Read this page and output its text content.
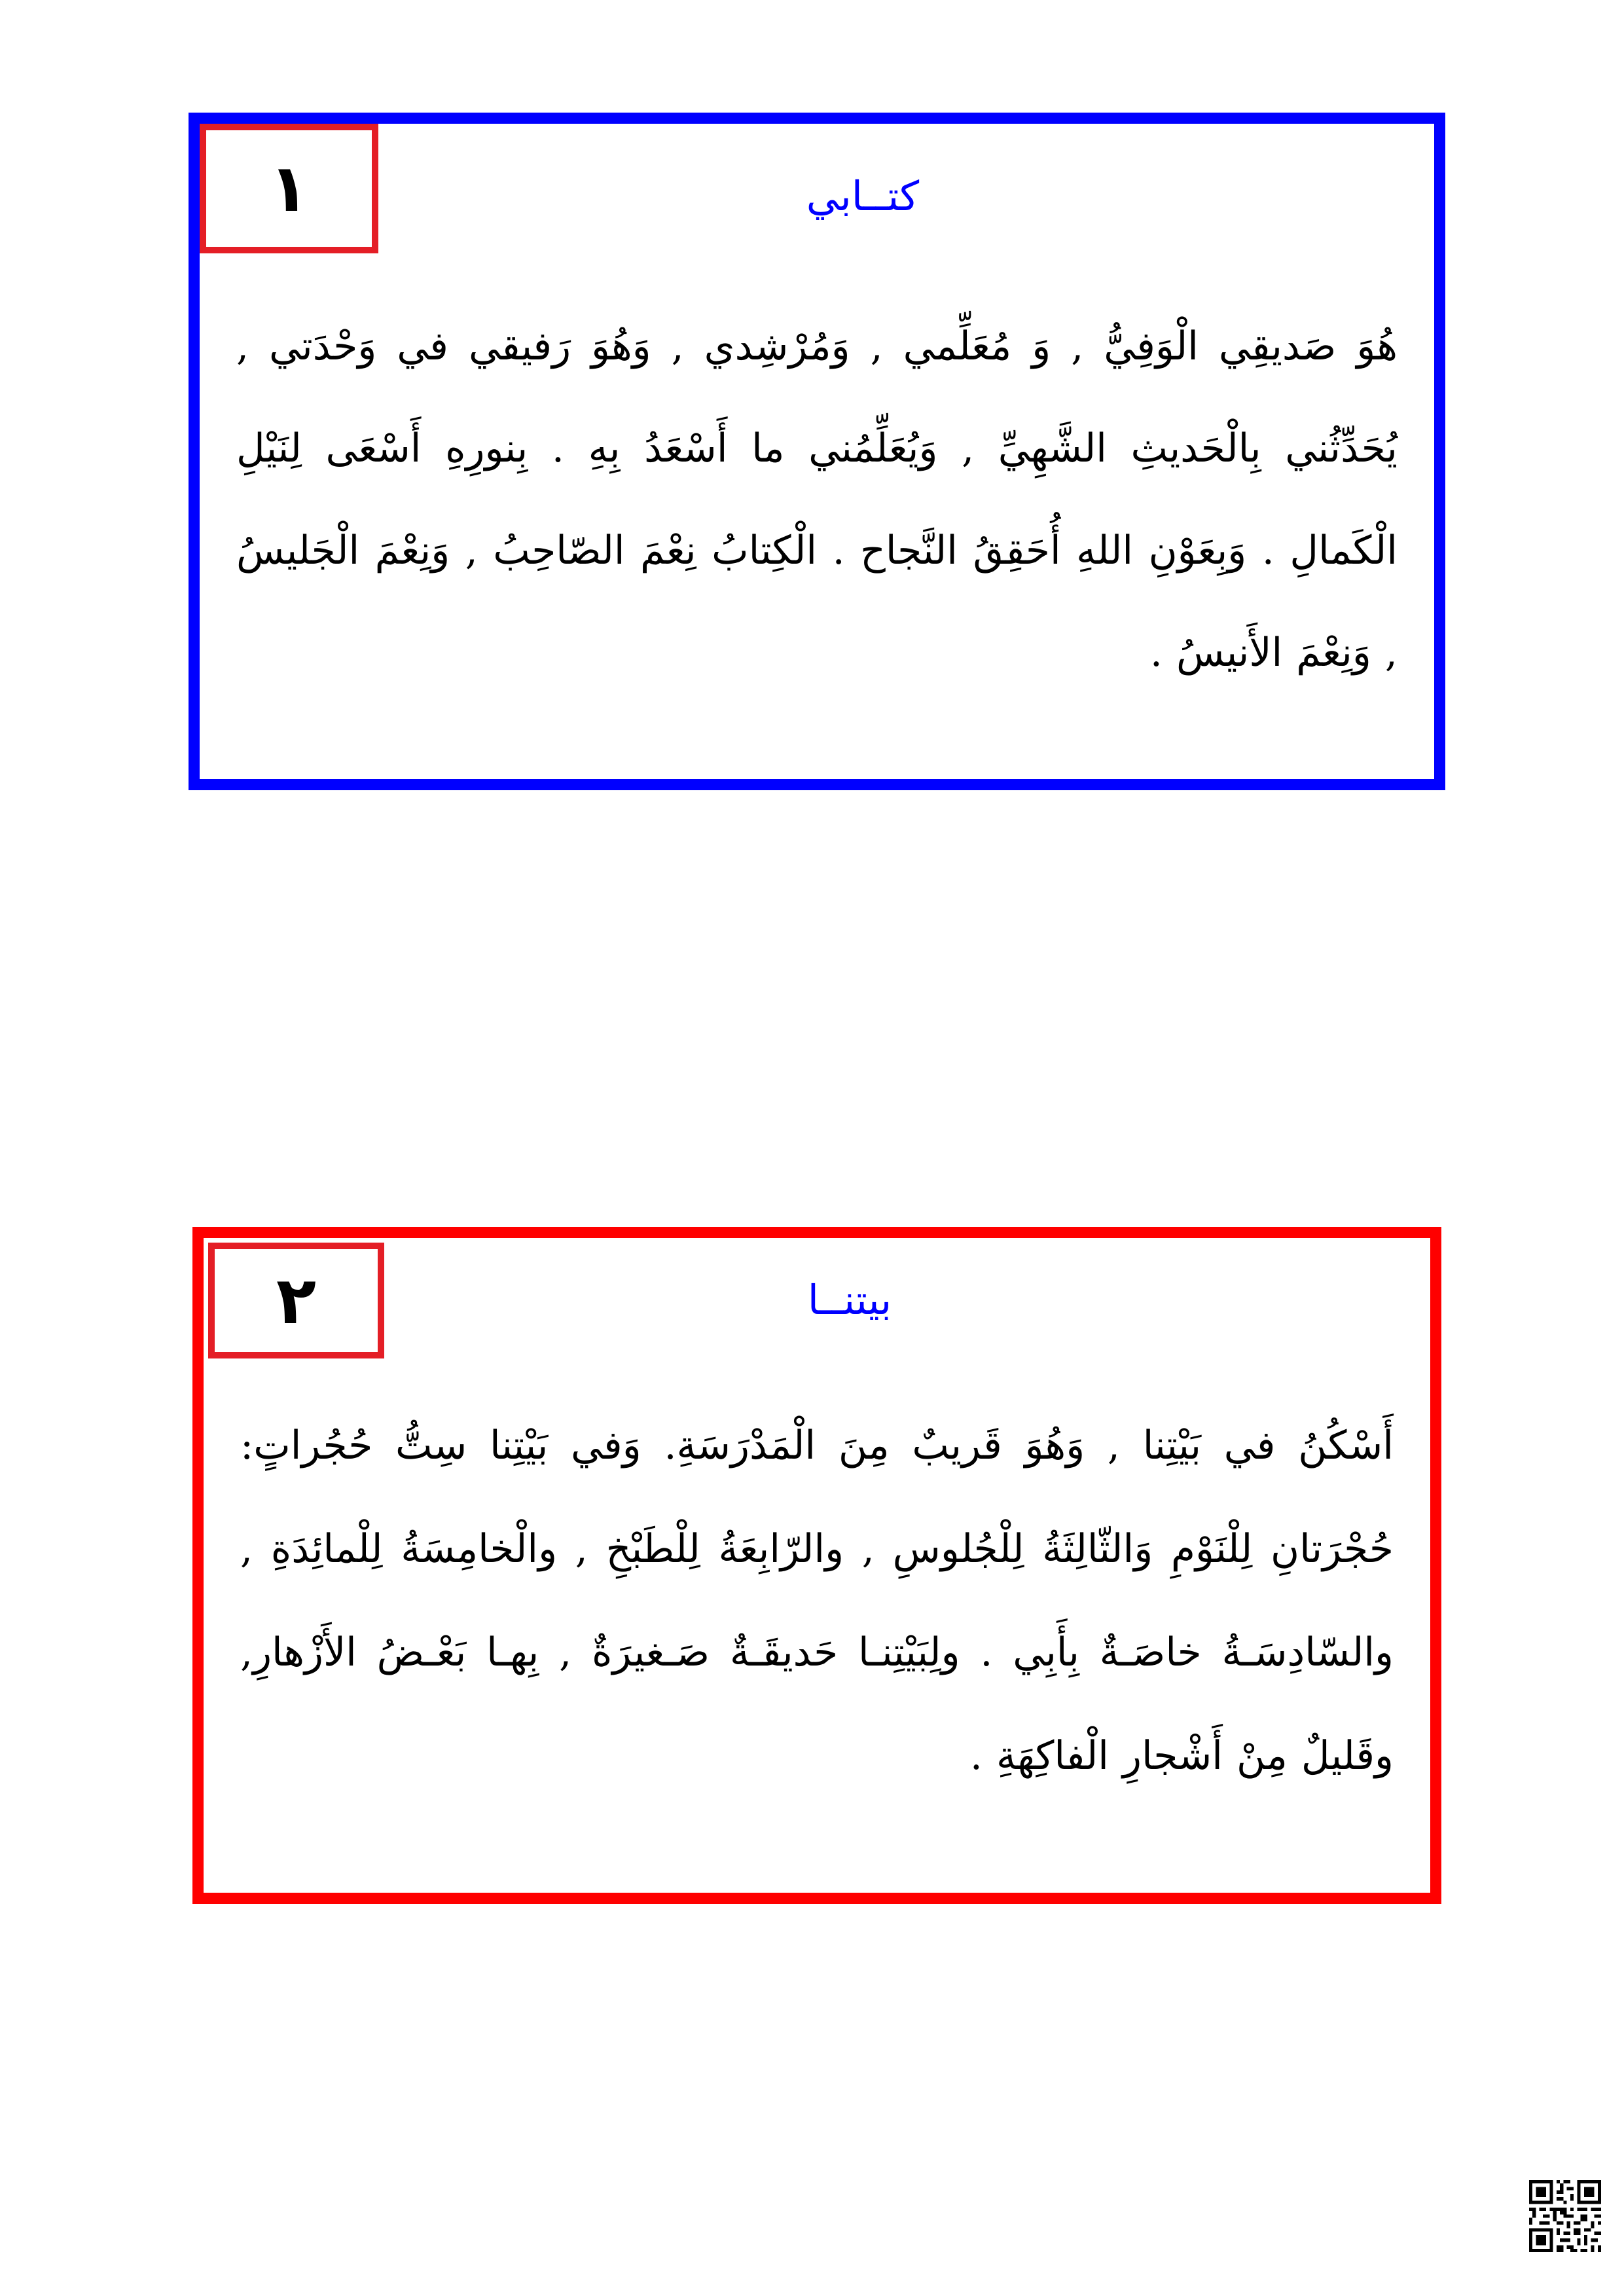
١	كتــابي

هُوَ صَديقِي الْوَفِيُّ , وَ مُعَلِّمي , وَمُرْشِدي , وَهُوَ رَفيقي في وَحْدَتي , يُحَدِّثُني بِالْحَديثِ الشَّهِيِّ , وَيُعَلِّمُني ما أَسْعَدُ بِهِ . بِنورِهِ أَسْعَى لِنَيْلِ الْكَمالِ . وَبِعَوْنِ اللهِ أُحَقِقُ النَّجاح . الْكِتابُ نِعْمَ الصّاحِبُ , وَنِعْمَ الْجَليسُ , وَنِعْمَ الأَنيسُ .

٢	بيتنــا

أَسْكُنُ في بَيْتِنا , وَهُوَ قَريبٌ مِنَ الْمَدْرَسَةِ. وَفي بَيْتِنا سِتُّ حُجُراتٍ: حُجْرَتانِ لِلْنَوْمِ وَالثّالِثَةُ لِلْجُلوسِ , والرّابِعَةُ لِلْطَبْخِ , والْخامِسَةُ لِلْمائِدَةِ , والسّادِسَـةُ خاصَـةٌ بِأَبِي . ولِبَيْتِنـا حَديقَـةٌ صَـغيرَةٌ , بِهـا بَعْـضُ الأَزْهارِ, وقَليلٌ مِنْ أَشْجارِ الْفاكِهَةِ .
